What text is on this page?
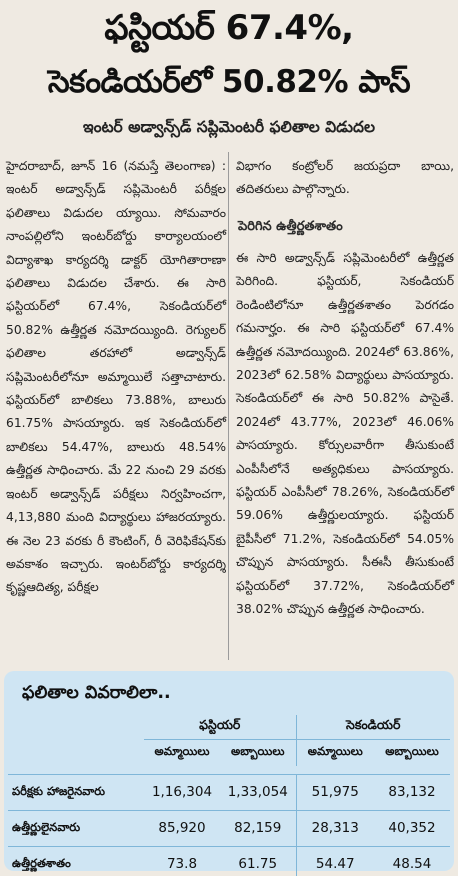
ఫస్టియర్ 67.4%,
సెకండియర్‌లో 50.82% పాస్
ఇంటర్ అడ్వాన్స్‌డ్ సప్లిమెంటరీ ఫలితాల విడుదల
హైదరాబాద్, జూన్ 16 (నమస్తే తెలంగాణ) : ఇంటర్ అడ్వాన్స్‌డ్ సప్లిమెంటరీ పరీక్షల ఫలితాలు విడుదల య్యాయి. సోమవారం నాంపల్లిలోని ఇంటర్‌బోర్డు కార్యాలయంలో విద్యాశాఖ కార్యదర్శి డాక్టర్ యోగితారాణా ఫలితాలు విడుదల చేశారు. ఈ సారి ఫస్టియర్‌లో 67.4%, సెకండియర్‌లో 50.82% ఉత్తీర్ణత నమోదయ్యింది. రెగ్యులర్ ఫలితాల తరహాలో అడ్వాన్స్‌డ్ సప్లిమెంటరీలోనూ అమ్మాయిలే సత్తాచాటారు. ఫస్టియర్‌లో బాలికలు 73.88%, బాలురు 61.75% పాసయ్యారు. ఇక సెకండియర్‌లో బాలికలు 54.47%, బాలురు 48.54% ఉత్తీర్ణత సాధించారు. మే 22 నుంచి 29 వరకు ఇంటర్ అడ్వాన్స్‌డ్ పరీక్షలు నిర్వహించగా, 4,13,880 మంది విద్యార్థులు హాజరయ్యారు. ఈ నెల 23 వరకు రీ కౌంటింగ్, రీ వెరిఫికేషన్‌కు అవకాశం ఇచ్చారు. ఇంటర్‌బోర్డు కార్యదర్శి కృష్ణఆదిత్య, పరీక్షల
విభాగం కంట్రోలర్ జయప్రదా బాయి, తదితరులు పాల్గొన్నారు.
పెరిగిన ఉత్తీర్ణతశాతం
ఈ సారి అడ్వాన్స్‌డ్ సప్లిమెంటరీలో ఉత్తీర్ణత పెరిగింది. ఫస్టియర్, సెకండియర్ రెండింటిలోనూ ఉత్తీర్ణతశాతం పెరగడం గమనార్హం. ఈ సారి ఫస్టియర్‌లో 67.4% ఉత్తీర్ణత నమోదయ్యింది. 2024లో 63.86%, 2023లో 62.58% విద్యార్థులు పాసయ్యారు. సెకండియర్‌లో ఈ సారి 50.82% పాసైతే. 2024లో 43.77%, 2023లో 46.06% పాసయ్యారు. కోర్సులవారీగా తీసుకుంటే ఎంపీసీలోనే అత్యధికులు పాసయ్యారు. ఫస్టియర్ ఎంపీసీలో 78.26%, సెకండియర్‌లో 59.06% ఉత్తీర్ణులయ్యారు. ఫస్టియర్ బైపీసీలో 71.2%, సెకండియర్‌లో 54.05% చొప్పున పాసయ్యారు. సీఈసీ తీసుకుంటే ఫస్టియర్‌లో 37.72%, సెకండియర్‌లో 38.02% చొప్పున ఉత్తీర్ణత సాధించారు.
ఫలితాల వివరాలిలా..
	ఫస్టియర్		సెకండియర్	
	అమ్మాయిలు	అబ్బాయిలు	అమ్మాయిలు	అబ్బాయిలు

పరీక్షకు హాజరైనవారు	1,16,304	1,33,054	51,975	83,132
ఉత్తీర్ణులైనవారు	85,920	82,159	28,313	40,352
ఉత్తీర్ణతశాతం	73.8	61.75	54.47	48.54
